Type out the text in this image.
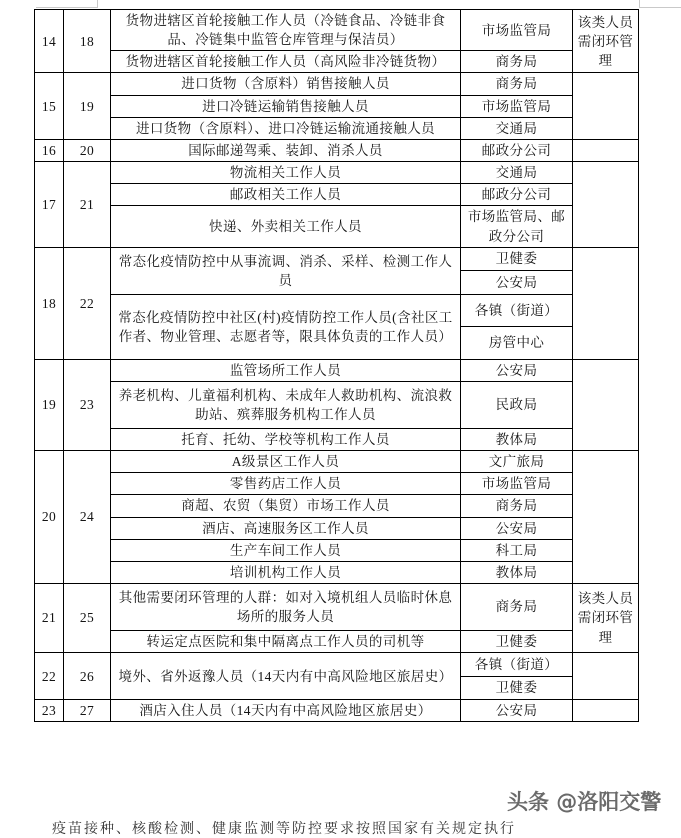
14	18	货物进辖区首轮接触工作人员（冷链食品、冷链非食品、冷链集中监管仓库管理与保洁员）	市场监管局	该类人员需闭环管理
		货物进辖区首轮接触工作人员（高风险非冷链货物）	商务局	
15	19	进口货物（含原料）销售接触人员	商务局	
		进口冷链运输销售接触人员	市场监管局	
		进口货物（含原料）、进口冷链运输流通接触人员	交通局	
16	20	国际邮递驾乘、装卸、消杀人员	邮政分公司	
17	21	物流相关工作人员	交通局	
		邮政相关工作人员	邮政分公司	
		快递、外卖相关工作人员	市场监管局、邮政分公司	
18	22	常态化疫情防控中从事流调、消杀、采样、检测工作人员	卫健委	
			公安局	
		常态化疫情防控中社区(村)疫情防控工作人员(含社区工作者、物业管理、志愿者等，限具体负责的工作人员）	各镇（街道）	
			房管中心	
19	23	监管场所工作人员	公安局	
		养老机构、儿童福利机构、未成年人救助机构、流浪救助站、殡葬服务机构工作人员	民政局	
		托育、托幼、学校等机构工作人员	教体局	
20	24	A级景区工作人员	文广旅局	
		零售药店工作人员	市场监管局	
		商超、农贸（集贸）市场工作人员	商务局	
		酒店、高速服务区工作人员	公安局	
		生产车间工作人员	科工局	
		培训机构工作人员	教体局	
21	25	其他需要闭环管理的人群：如对入境机组人员临时休息场所的服务人员	商务局	该类人员需闭环管理
		转运定点医院和集中隔离点工作人员的司机等	卫健委	
22	26	境外、省外返豫人员（14天内有中高风险地区旅居史）	各镇（街道）	
			卫健委	
23	27	酒店入住人员（14天内有中高风险地区旅居史）	公安局	
疫苗接种、核酸检测、健康监测等防控要求按照国家有关规定执行
头条 @洛阳交警
